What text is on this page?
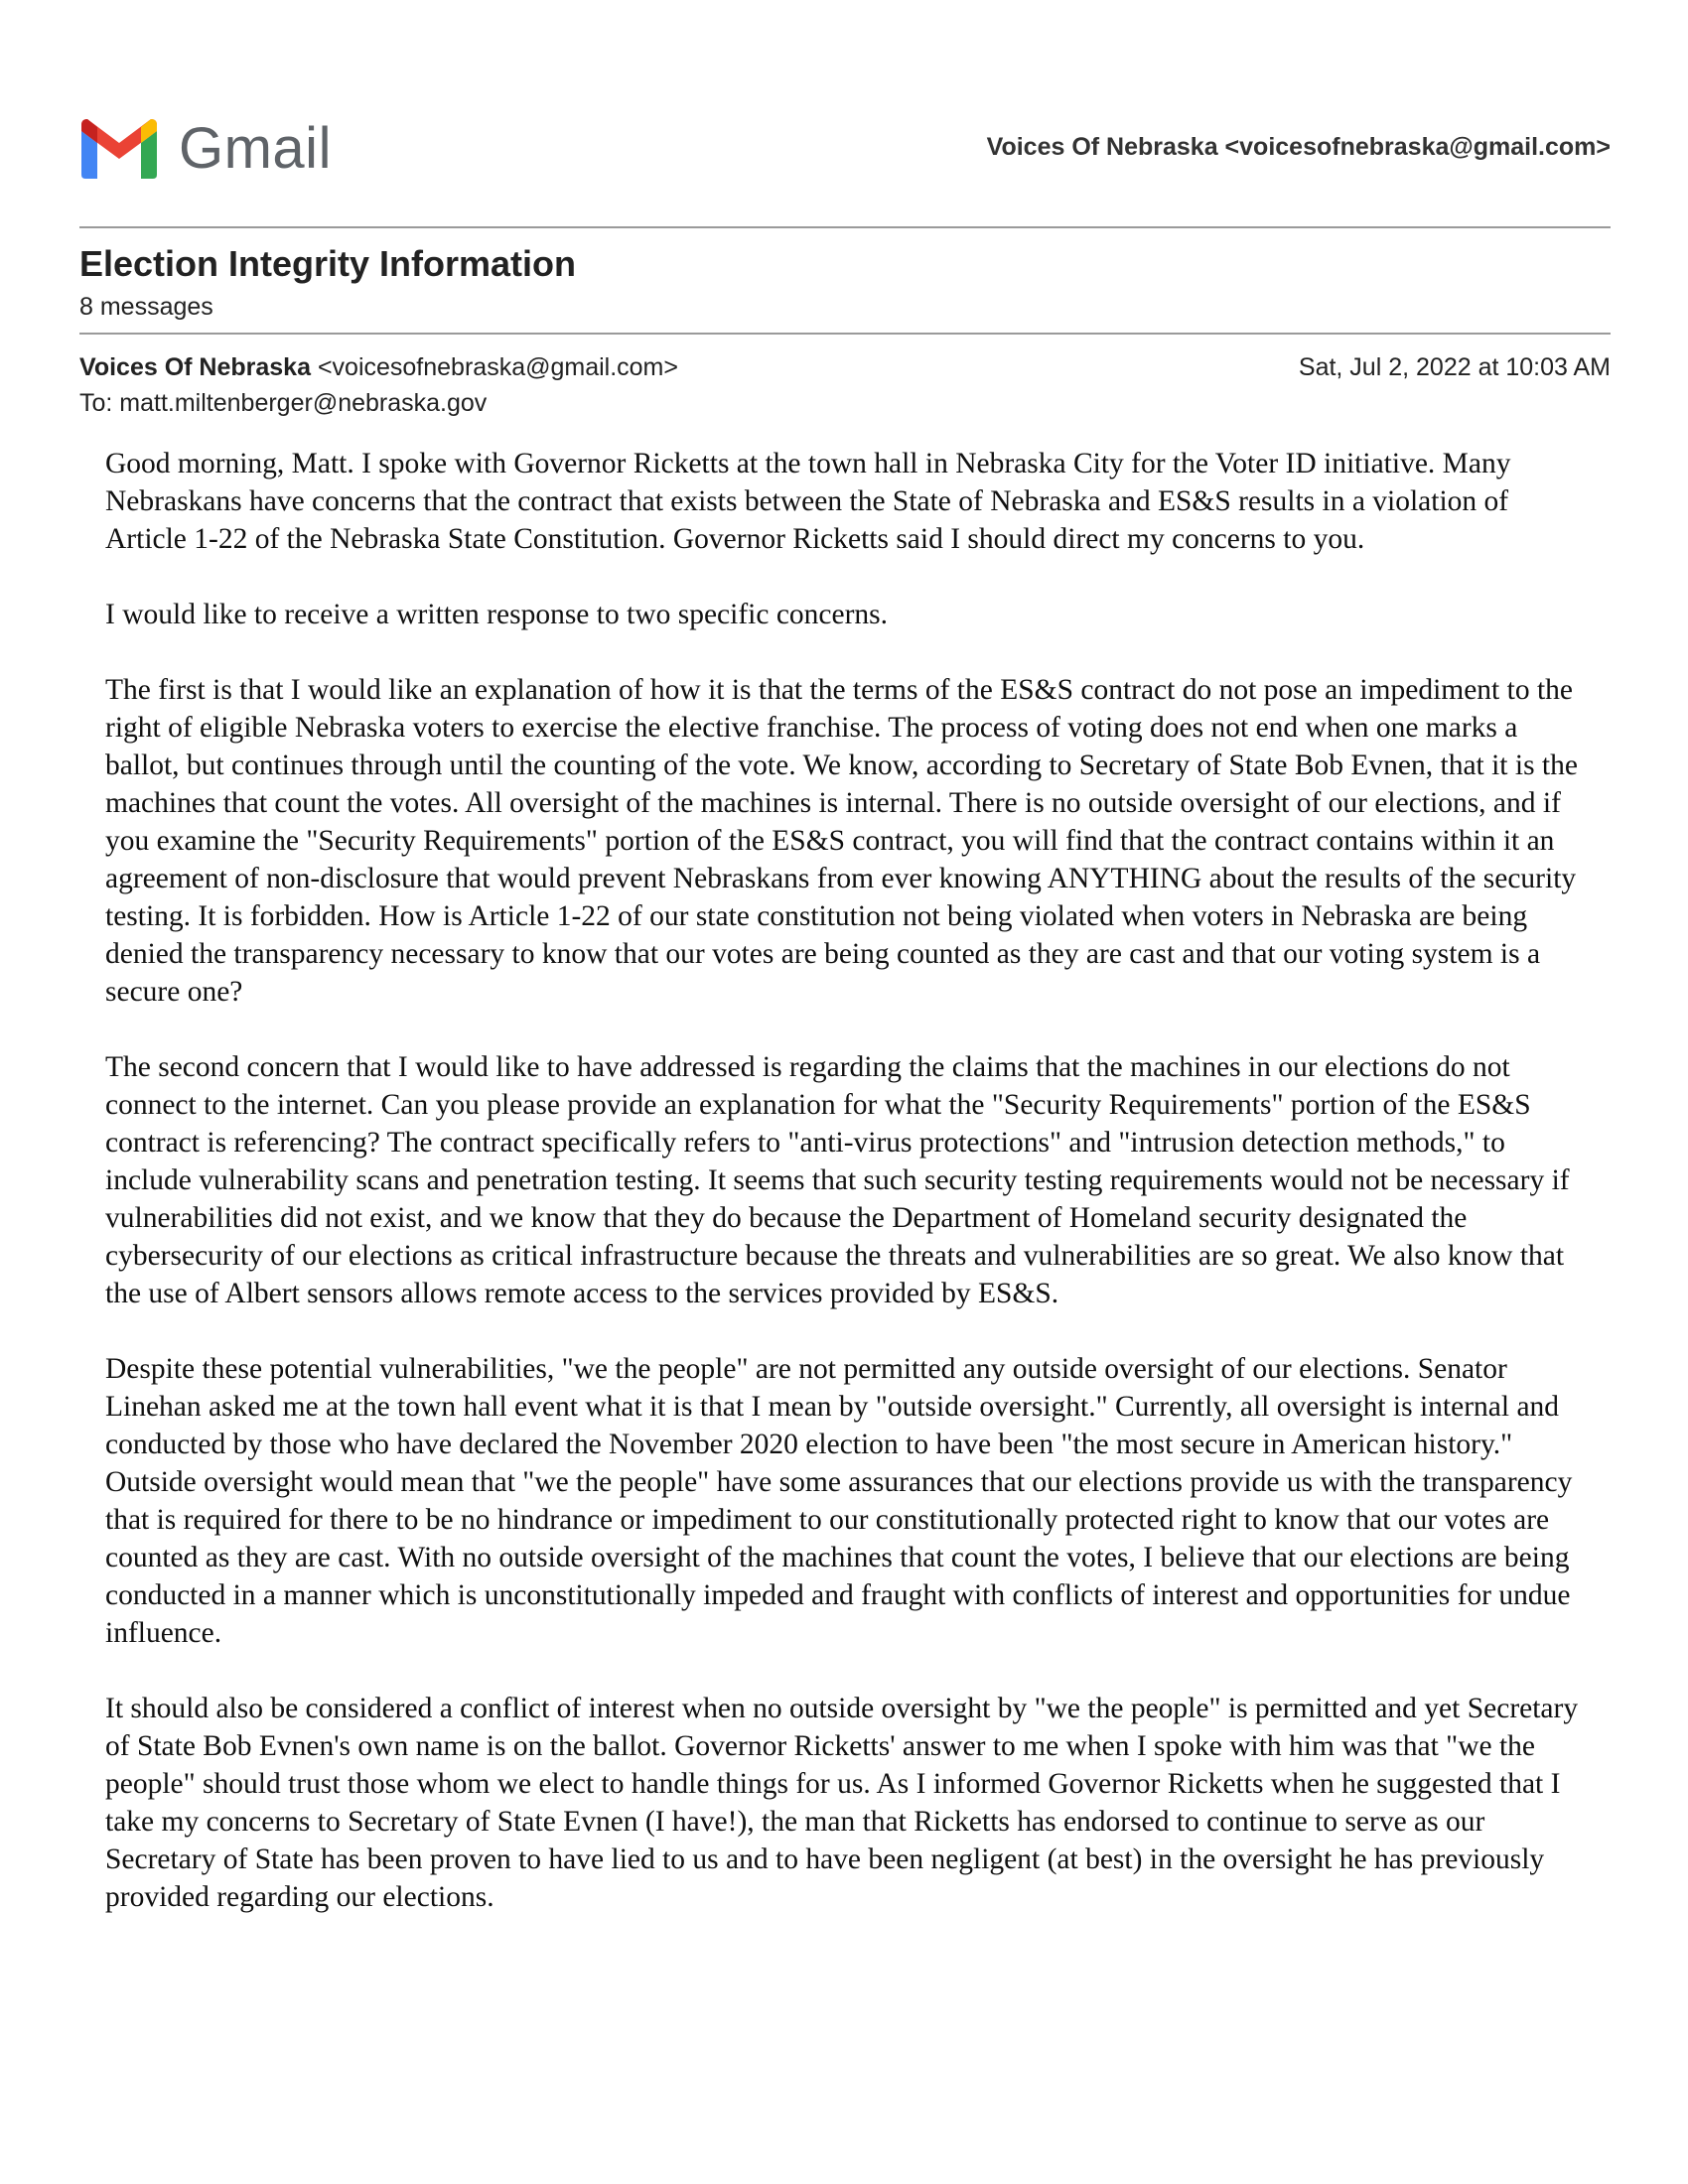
Gmail	Voices Of Nebraska <voicesofnebraska@gmail.com>
Election Integrity Information
8 messages
Voices Of Nebraska <voicesofnebraska@gmail.com>	Sat, Jul 2, 2022 at 10:03 AM
To: matt.miltenberger@nebraska.gov

Good morning, Matt. I spoke with Governor Ricketts at the town hall in Nebraska City for the Voter ID initiative. Many Nebraskans have concerns that the contract that exists between the State of Nebraska and ES&S results in a violation of Article 1-22 of the Nebraska State Constitution. Governor Ricketts said I should direct my concerns to you.

I would like to receive a written response to two specific concerns.

The first is that I would like an explanation of how it is that the terms of the ES&S contract do not pose an impediment to the right of eligible Nebraska voters to exercise the elective franchise. The process of voting does not end when one marks a ballot, but continues through until the counting of the vote. We know, according to Secretary of State Bob Evnen, that it is the machines that count the votes. All oversight of the machines is internal. There is no outside oversight of our elections, and if you examine the "Security Requirements" portion of the ES&S contract, you will find that the contract contains within it an agreement of non-disclosure that would prevent Nebraskans from ever knowing ANYTHING about the results of the security testing. It is forbidden. How is Article 1-22 of our state constitution not being violated when voters in Nebraska are being denied the transparency necessary to know that our votes are being counted as they are cast and that our voting system is a secure one?

The second concern that I would like to have addressed is regarding the claims that the machines in our elections do not connect to the internet. Can you please provide an explanation for what the "Security Requirements" portion of the ES&S contract is referencing? The contract specifically refers to "anti-virus protections" and "intrusion detection methods," to include vulnerability scans and penetration testing. It seems that such security testing requirements would not be necessary if vulnerabilities did not exist, and we know that they do because the Department of Homeland security designated the cybersecurity of our elections as critical infrastructure because the threats and vulnerabilities are so great. We also know that the use of Albert sensors allows remote access to the services provided by ES&S.

Despite these potential vulnerabilities, "we the people" are not permitted any outside oversight of our elections. Senator Linehan asked me at the town hall event what it is that I mean by "outside oversight." Currently, all oversight is internal and conducted by those who have declared the November 2020 election to have been "the most secure in American history." Outside oversight would mean that "we the people" have some assurances that our elections provide us with the transparency that is required for there to be no hindrance or impediment to our constitutionally protected right to know that our votes are counted as they are cast. With no outside oversight of the machines that count the votes, I believe that our elections are being conducted in a manner which is unconstitutionally impeded and fraught with conflicts of interest and opportunities for undue influence.

It should also be considered a conflict of interest when no outside oversight by "we the people" is permitted and yet Secretary of State Bob Evnen's own name is on the ballot. Governor Ricketts' answer to me when I spoke with him was that "we the people" should trust those whom we elect to handle things for us. As I informed Governor Ricketts when he suggested that I take my concerns to Secretary of State Evnen (I have!), the man that Ricketts has endorsed to continue to serve as our Secretary of State has been proven to have lied to us and to have been negligent (at best) in the oversight he has previously provided regarding our elections.
